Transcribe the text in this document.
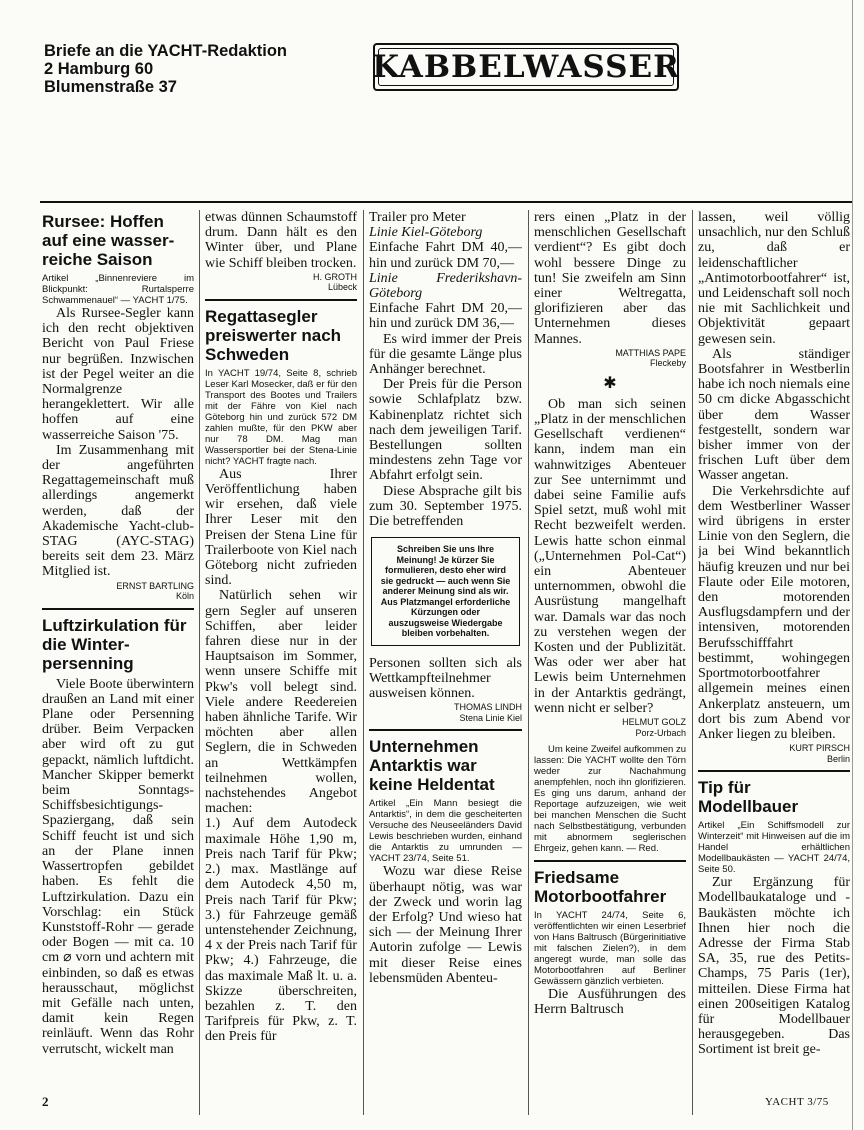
Briefe an die YACHT-Redaktion
2 Hamburg 60
Blumenstraße 37
KABBELWASSER
Rursee: Hoffen auf eine wasser-reiche Saison

Artikel „Binnenreviere im Blickpunkt: Rurtalsperre Schwammenauel“ — YACHT 1/75.

Als Rursee-Segler kann ich den recht objektiven Bericht von Paul Friese nur begrüßen. Inzwischen ist der Pegel weiter an die Normalgrenze herangeklettert. Wir alle hoffen auf eine wasserreiche Saison '75.

Im Zusammenhang mit der angeführten Regattagemeinschaft muß allerdings angemerkt werden, daß der Akademische Yacht-club-STAG (AYC-STAG) bereits seit dem 23. März Mitglied ist.

ERNST BARTLING
Köln
Luftzirkulation für die Winter-persenning

Viele Boote überwintern draußen an Land mit einer Plane oder Persenning drüber. Beim Verpacken aber wird oft zu gut gepackt, nämlich luftdicht. Mancher Skipper bemerkt beim Sonntags-Schiffsbesichtigungs-Spaziergang, daß sein Schiff feucht ist und sich an der Plane innen Wassertropfen gebildet haben. Es fehlt die Luftzirkulation. Dazu ein Vorschlag: ein Stück Kunststoff-Rohr — gerade oder Bogen — mit ca. 10 cm ⌀ vorn und achtern mit einbinden, so daß es etwas herausschaut, möglichst mit Gefälle nach unten, damit kein Regen reinläuft. Wenn das Rohr verrutscht, wickelt man

etwas dünnen Schaumstoff drum. Dann hält es den Winter über, und Plane wie Schiff bleiben trocken.

H. GROTH
Lübeck
Regattasegler preiswerter nach Schweden

In YACHT 19/74, Seite 8, schrieb Leser Karl Mosecker, daß er für den Transport des Bootes und Trailers mit der Fähre von Kiel nach Göteborg hin und zurück 572 DM zahlen mußte, für den PKW aber nur 78 DM. Mag man Wassersportler bei der Stena-Linie nicht? YACHT fragte nach.

Aus Ihrer Veröffentlichung haben wir ersehen, daß viele Ihrer Leser mit den Preisen der Stena Line für Trailerboote von Kiel nach Göteborg nicht zufrieden sind.

Natürlich sehen wir gern Segler auf unseren Schiffen, aber leider fahren diese nur in der Hauptsaison im Sommer, wenn unsere Schiffe mit Pkw's voll belegt sind. Viele andere Reedereien haben ähnliche Tarife. Wir möchten aber allen Seglern, die in Schweden an Wettkämpfen teilnehmen wollen, nachstehendes Angebot machen:

1.) Auf dem Autodeck maximale Höhe 1,90 m, Preis nach Tarif für Pkw; 2.) max. Mastlänge auf dem Autodeck 4,50 m, Preis nach Tarif für Pkw; 3.) für Fahrzeuge gemäß untenstehender Zeichnung, 4 x der Preis nach Tarif für Pkw; 4.) Fahrzeuge, die das maximale Maß lt. u. a. Skizze überschreiten, bezahlen z. T. den Tarifpreis für Pkw, z. T. den Preis für

Trailer pro Meter

Linie Kiel-Göteborg

Einfache Fahrt DM 40,— hin und zurück DM 70,—

Linie Frederikshavn-Göteborg

Einfache Fahrt DM 20,— hin und zurück DM 36,—

Es wird immer der Preis für die gesamte Länge plus Anhänger berechnet.

Der Preis für die Person sowie Schlafplatz bzw. Kabinenplatz richtet sich nach dem jeweiligen Tarif. Bestellungen sollten mindestens zehn Tage vor Abfahrt erfolgt sein.

Diese Absprache gilt bis zum 30. September 1975. Die betreffenden

Schreiben Sie uns Ihre Meinung! Je kürzer Sie formulieren, desto eher wird sie gedruckt — auch wenn Sie anderer Meinung sind als wir. Aus Platzmangel erforderliche Kürzungen oder auszugsweise Wiedergabe bleiben vorbehalten.

Personen sollten sich als Wettkampfteilnehmer ausweisen können.

THOMAS LINDH
Stena Linie Kiel
Unternehmen Antarktis war keine Heldentat

Artikel „Ein Mann besiegt die Antarktis“, in dem die gescheiterten Versuche des Neuseeländers David Lewis beschrieben wurden, einhand die Antarktis zu umrunden — YACHT 23/74, Seite 51.

Wozu war diese Reise überhaupt nötig, was war der Zweck und worin lag der Erfolg? Und wieso hat sich — der Meinung Ihrer Autorin zufolge — Lewis mit dieser Reise eines lebensmüden Abenteu-

rers einen „Platz in der menschlichen Gesellschaft verdient“? Es gibt doch wohl bessere Dinge zu tun! Sie zweifeln am Sinn einer Weltregatta, glorifizieren aber das Unternehmen dieses Mannes.

MATTHIAS PAPE
Fleckeby
✱

Ob man sich seinen „Platz in der menschlichen Gesellschaft verdienen“ kann, indem man ein wahnwitziges Abenteuer zur See unternimmt und dabei seine Familie aufs Spiel setzt, muß wohl mit Recht bezweifelt werden. Lewis hatte schon einmal („Unternehmen Pol-Cat“) ein Abenteuer unternommen, obwohl die Ausrüstung mangelhaft war. Damals war das noch zu verstehen wegen der Kosten und der Publizität. Was oder wer aber hat Lewis beim Unternehmen in der Antarktis gedrängt, wenn nicht er selber?

HELMUT GOLZ
Porz-Urbach

Um keine Zweifel aufkommen zu lassen: Die YACHT wollte den Törn weder zur Nachahmung anempfehlen, noch ihn glorifizieren. Es ging uns darum, anhand der Reportage aufzuzeigen, wie weit bei manchen Menschen die Sucht nach Selbstbestätigung, verbunden mit abnormem seglerischen Ehrgeiz, gehen kann. — Red.

Friedsame Motorbootfahrer

In YACHT 24/74, Seite 6, veröffentlichten wir einen Leserbrief von Hans Baltrusch (Bürgerinitiative mit falschen Zielen?), in dem angeregt wurde, man solle das Motorbootfahren auf Berliner Gewässern gänzlich verbieten.

Die Ausführungen des Herrn Baltrusch

lassen, weil völlig unsachlich, nur den Schluß zu, daß er leidenschaftlicher „Antimotorbootfahrer“ ist, und Leidenschaft soll noch nie mit Sachlichkeit und Objektivität gepaart gewesen sein.

Als ständiger Bootsfahrer in Westberlin habe ich noch niemals eine 50 cm dicke Abgasschicht über dem Wasser festgestellt, sondern war bisher immer von der frischen Luft über dem Wasser angetan.

Die Verkehrsdichte auf dem Westberliner Wasser wird übrigens in erster Linie von den Seglern, die ja bei Wind bekanntlich häufig kreuzen und nur bei Flaute oder Eile motoren, den motorenden Ausflugsdampfern und der intensiven, motorenden Berufsschifffahrt bestimmt, wohingegen Sportmotorbootfahrer allgemein meines einen Ankerplatz ansteuern, um dort bis zum Abend vor Anker liegen zu bleiben.

KURT PIRSCH
Berlin
Tip für Modellbauer

Artikel „Ein Schiffsmodell zur Winterzeit“ mit Hinweisen auf die im Handel erhältlichen Modellbaukästen — YACHT 24/74, Seite 50.

Zur Ergänzung für Modellbaukataloge und -Baukästen möchte ich Ihnen hier noch die Adresse der Firma Stab SA, 35, rue des Petits-Champs, 75 Paris (1er), mitteilen. Diese Firma hat einen 200seitigen Katalog für Modellbauer herausgegeben. Das Sortiment ist breit ge-

2	YACHT 3/75
